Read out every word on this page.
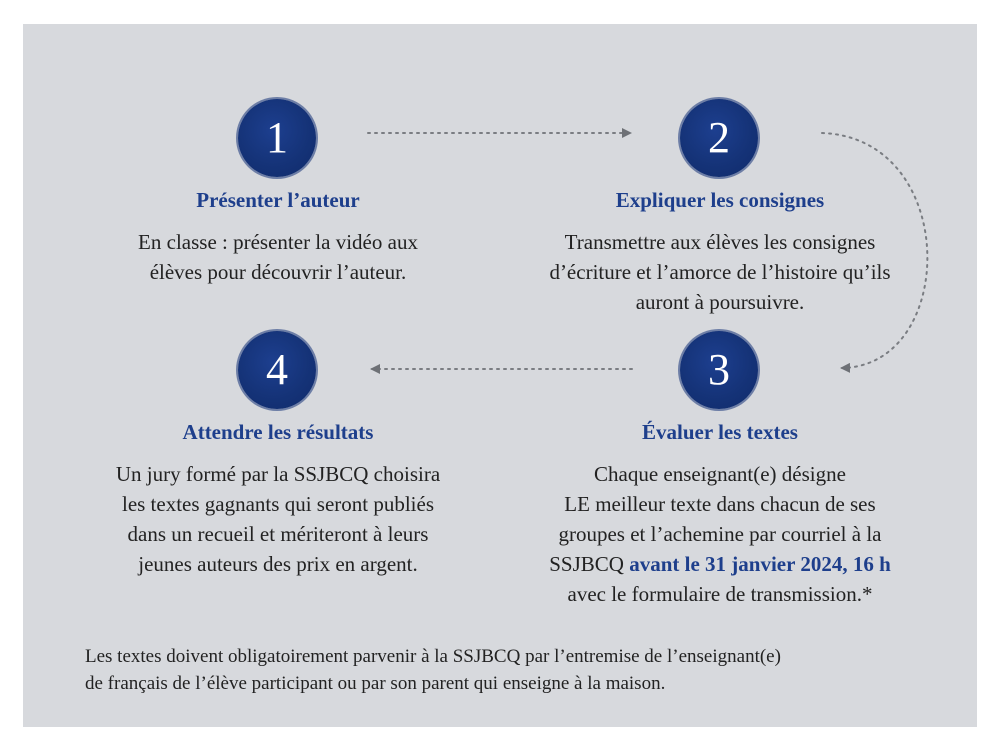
1	2
3
4
Présenter l’auteur
En classe : présenter la vidéo aux
élèves pour découvrir l’auteur.
Expliquer les consignes
Transmettre aux élèves les consignes
d’écriture et l’amorce de l’histoire qu’ils
auront à poursuivre.
Évaluer les textes
Chaque enseignant(e) désigne
LE meilleur texte dans chacun de ses
groupes et l’achemine par courriel à la
SSJBCQ avant le 31 janvier 2024, 16 h
avec le formulaire de transmission.*
Attendre les résultats
Un jury formé par la SSJBCQ choisira
les textes gagnants qui seront publiés
dans un recueil et mériteront à leurs
jeunes auteurs des prix en argent.
Les textes doivent obligatoirement parvenir à la SSJBCQ par l’entremise de l’enseignant(e)
de français de l’élève participant ou par son parent qui enseigne à la maison.
